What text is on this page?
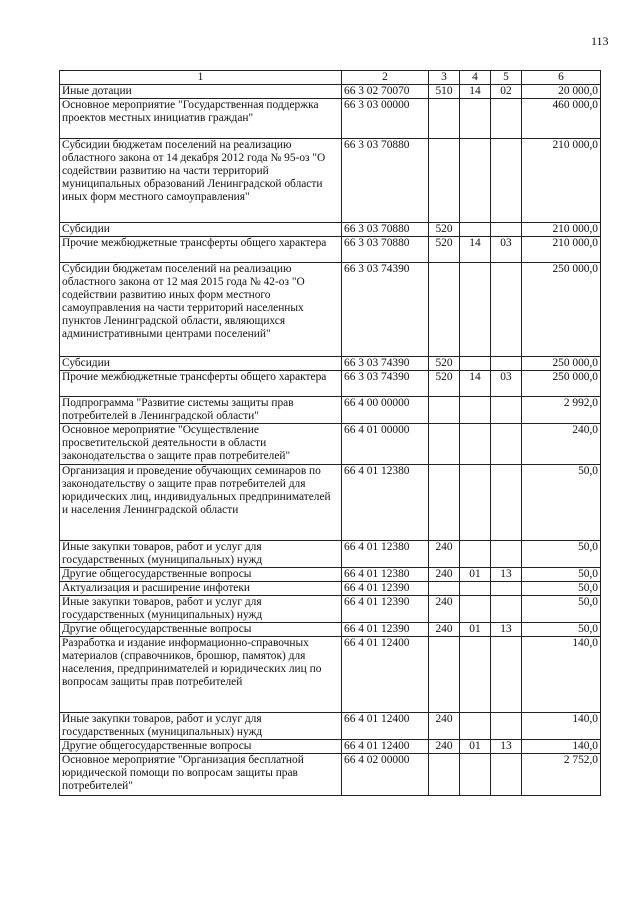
113
1	2	3	4	5	6
Иные дотации	66 3 02 70070	510	14	02	20 000,0
Основное мероприятие "Государственная поддержка проектов местных инициатив граждан"	66 3 03 00000				460 000,0
Субсидии бюджетам поселений на реализацию областного закона от 14 декабря 2012 года № 95-оз "О содействии развитию на части территорий муниципальных образований Ленинградской области иных форм местного самоуправления"	66 3 03 70880				210 000,0
Субсидии	66 3 03 70880	520			210 000,0
Прочие межбюджетные трансферты общего характера	66 3 03 70880	520	14	03	210 000,0
Субсидии бюджетам поселений на реализацию областного закона от 12 мая 2015 года № 42-оз "О содействии развитию иных форм местного самоуправления на части территорий населенных пунктов Ленинградской области, являющихся административными центрами поселений"	66 3 03 74390				250 000,0
Субсидии	66 3 03 74390	520			250 000,0
Прочие межбюджетные трансферты общего характера	66 3 03 74390	520	14	03	250 000,0
Подпрограмма "Развитие системы защиты прав потребителей в Ленинградской области"	66 4 00 00000				2 992,0
Основное мероприятие "Осуществление просветительской деятельности в области законодательства о защите прав потребителей"	66 4 01 00000				240,0
Организация и проведение обучающих семинаров по законодательству о защите прав потребителей для юридических лиц, индивидуальных предпринимателей и населения Ленинградской области	66 4 01 12380				50,0
Иные закупки товаров, работ и услуг для государственных (муниципальных) нужд	66 4 01 12380	240			50,0
Другие общегосударственные вопросы	66 4 01 12380	240	01	13	50,0
Актуализация и расширение инфотеки	66 4 01 12390				50,0
Иные закупки товаров, работ и услуг для государственных (муниципальных) нужд	66 4 01 12390	240			50,0
Другие общегосударственные вопросы	66 4 01 12390	240	01	13	50,0
Разработка и издание информационно-справочных материалов (справочников, брошюр, памяток) для населения, предпринимателей и юридических лиц по вопросам защиты прав потребителей	66 4 01 12400				140,0
Иные закупки товаров, работ и услуг для государственных (муниципальных) нужд	66 4 01 12400	240			140,0
Другие общегосударственные вопросы	66 4 01 12400	240	01	13	140,0
Основное мероприятие "Организация бесплатной юридической помощи по вопросам защиты прав потребителей"	66 4 02 00000				2 752,0
